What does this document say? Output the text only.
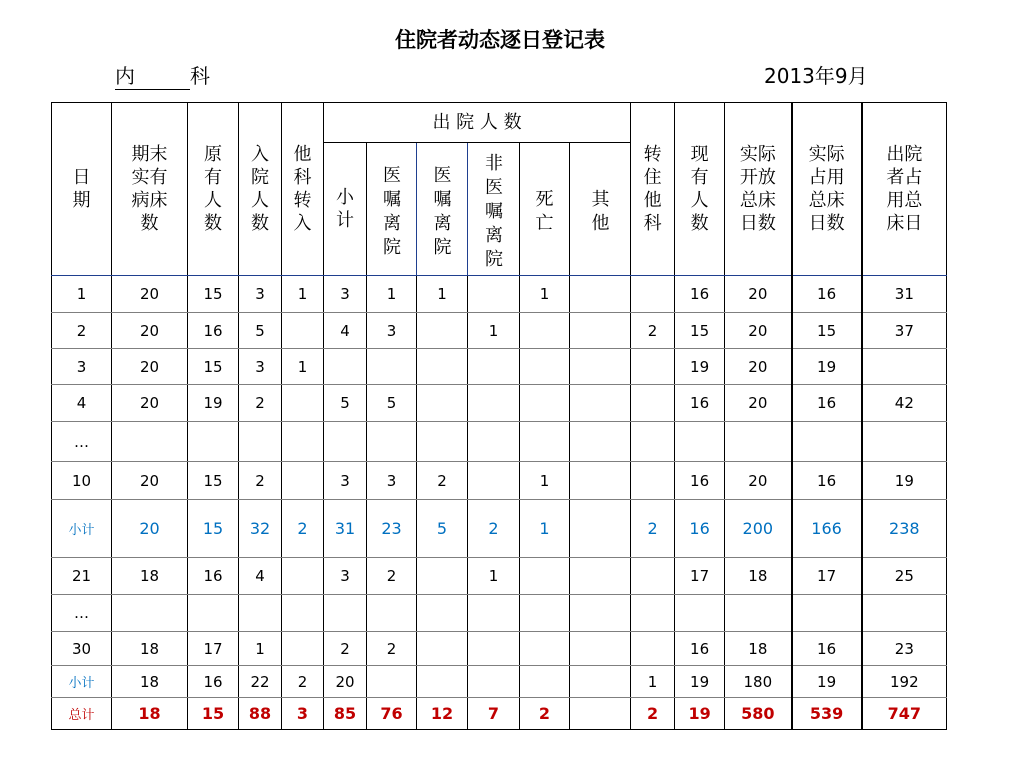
住院者动态逐日登记表
内	科	2013年9月
日期	期末实有病床数	原有人数	入院人数	他科转入	出 院 人 数						转住他科	现有人数	实际开放总床日数	实际占用总床日数	出院者占用总床日
					小计	医嘱离院	医嘱离院	非医嘱离院	死亡	其他					
1	20	15	3	1	3	1	1		1			16	20	16	31
2	20	16	5		4	3		1			2	15	20	15	37
3	20	15	3	1								19	20	19	
4	20	19	2		5	5						16	20	16	42
…															
10	20	15	2		3	3	2		1			16	20	16	19
小计	20	15	32	2	31	23	5	2	1		2	16	200	166	238
21	18	16	4		3	2		1				17	18	17	25
…															
30	18	17	1		2	2						16	18	16	23
小计	18	16	22	2	20						1	19	180	19	192
总计	18	15	88	3	85	76	12	7	2		2	19	580	539	747
